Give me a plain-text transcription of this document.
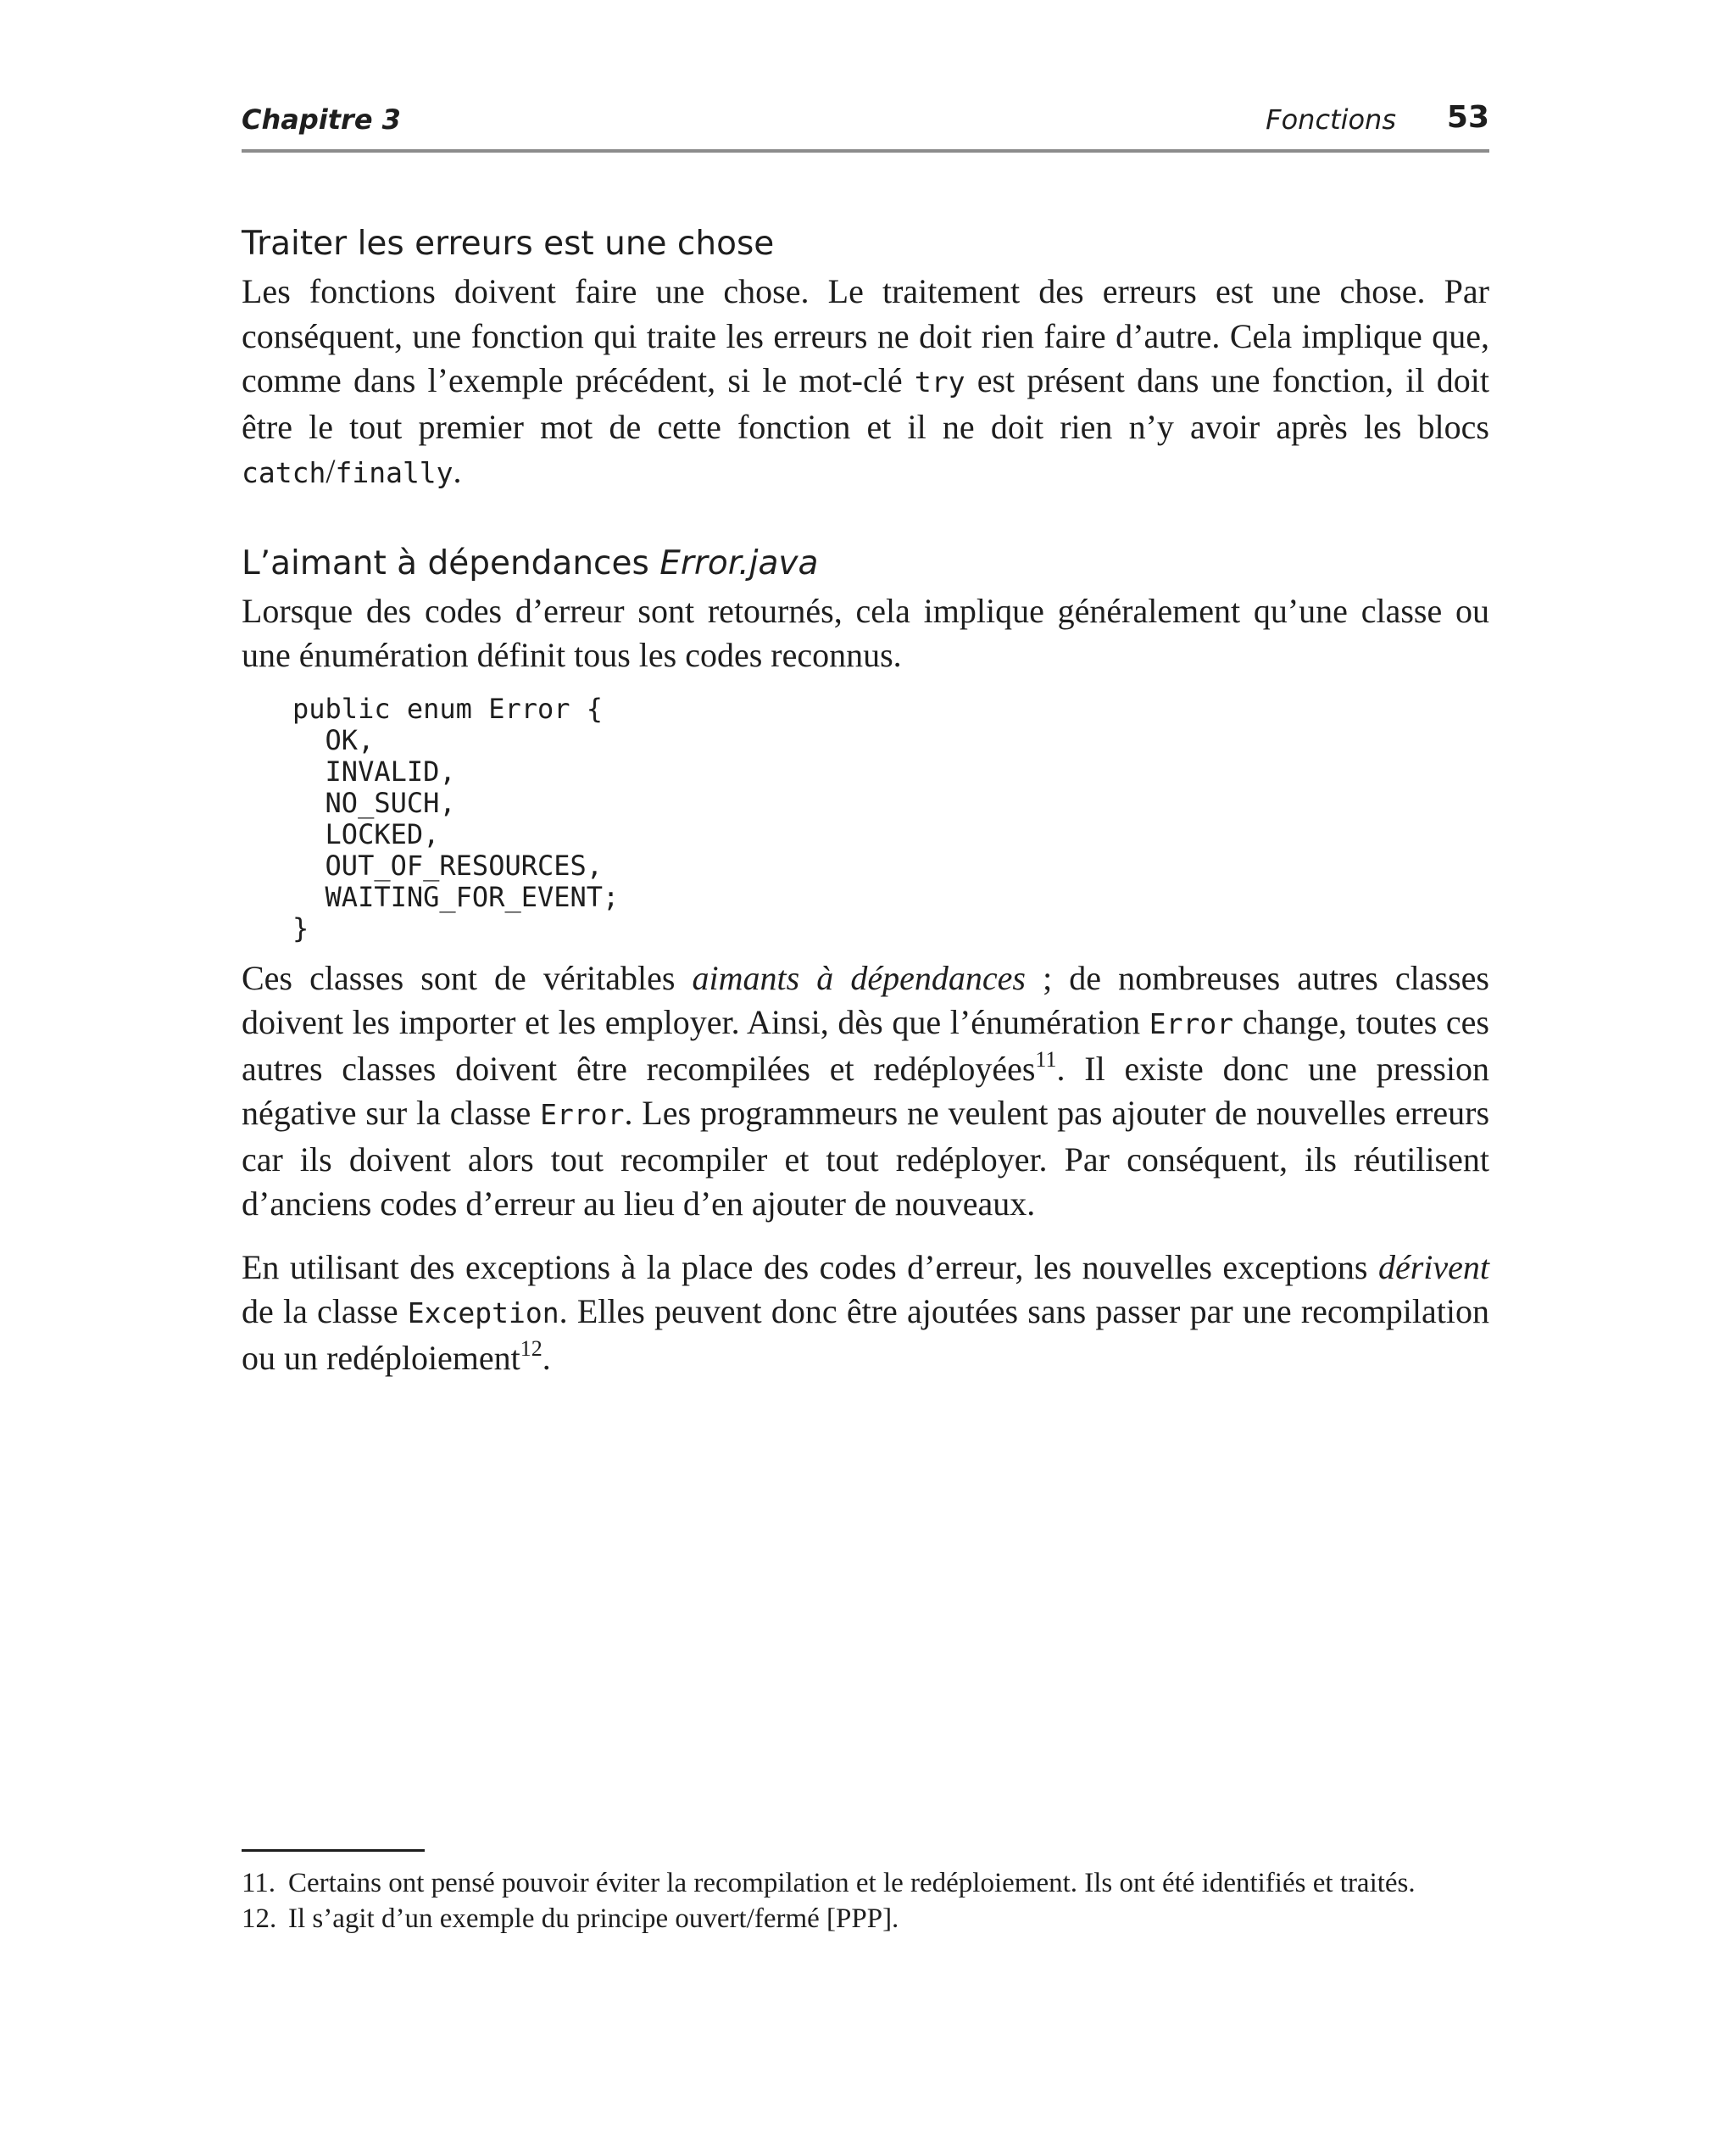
Chapitre 3	Fonctions 53
Traiter les erreurs est une chose

Les fonctions doivent faire une chose. Le traitement des erreurs est une chose. Par conséquent, une fonction qui traite les erreurs ne doit rien faire d’autre. Cela implique que, comme dans l’exemple précédent, si le mot-clé try est présent dans une fonction, il doit être le tout premier mot de cette fonction et il ne doit rien n’y avoir après les blocs catch/finally.

L’aimant à dépendances Error.java

Lorsque des codes d’erreur sont retournés, cela implique généralement qu’une classe ou une énumération définit tous les codes reconnus.

public enum Error {
OK,
INVALID,
NO_SUCH,
LOCKED,
OUT_OF_RESOURCES,
WAITING_FOR_EVENT;
}

Ces classes sont de véritables aimants à dépendances ; de nombreuses autres classes doivent les importer et les employer. Ainsi, dès que l’énumération Error change, toutes ces autres classes doivent être recompilées et redéployées$^{11}$. Il existe donc une pression négative sur la classe Error. Les programmeurs ne veulent pas ajouter de nouvelles erreurs car ils doivent alors tout recompiler et tout redéployer. Par conséquent, ils réutilisent d’anciens codes d’erreur au lieu d’en ajouter de nouveaux.

En utilisant des exceptions à la place des codes d’erreur, les nouvelles exceptions dérivent de la classe Exception. Elles peuvent donc être ajoutées sans passer par une recompilation ou un redéploiement$^{12}$.

11. Certains ont pensé pouvoir éviter la recompilation et le redéploiement. Ils ont été identifiés et traités.
12. Il s’agit d’un exemple du principe ouvert/fermé [PPP].
